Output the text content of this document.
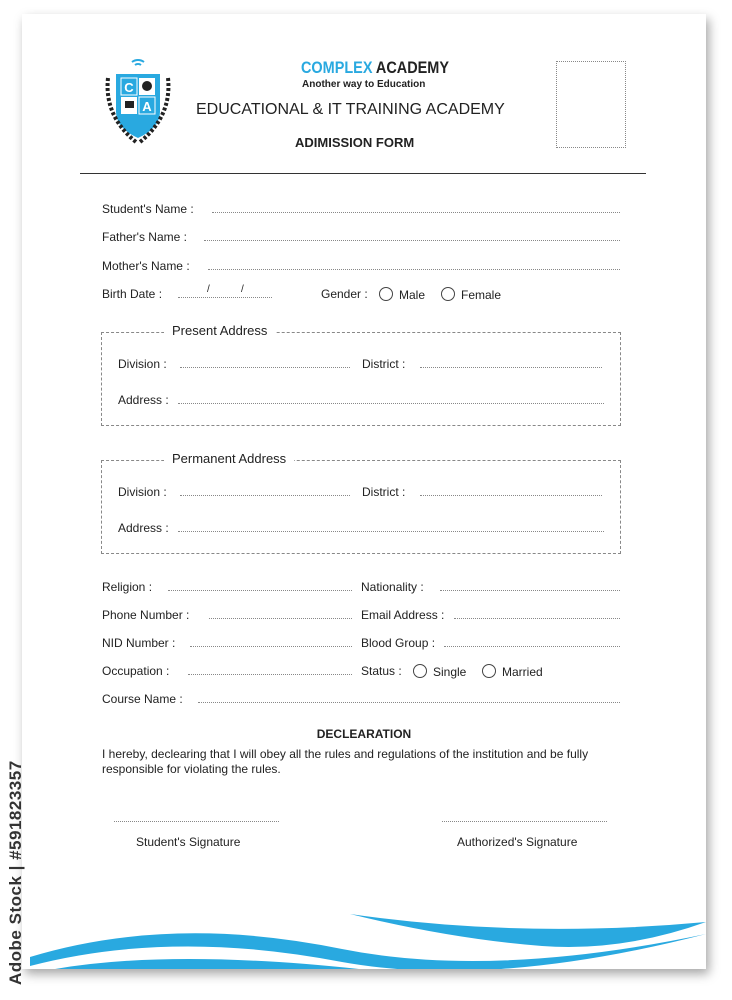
C
A
COMPLEX ACADEMY
Another way to Education
EDUCATIONAL & IT TRAINING ACADEMY
ADIMISSION FORM
Student's Name :
Father's Name :
Mother's Name :
Birth Date :	/	/	Gender :	Male	Female
Present Address
Division :	District :
Address :
Permanent Address
Division :	District :
Address :
Religion :	Nationality :
Phone Number :	Email Address :
NID Number :	Blood Group :
Occupation :	Status :	Single	Married
Course Name :
DECLEARATION
I hereby, declearing that I will obey all the rules and regulations of the institution and be fully responsible for violating the rules.
Student's Signature	Authorized's Signature
Adobe Stock | #591823357
